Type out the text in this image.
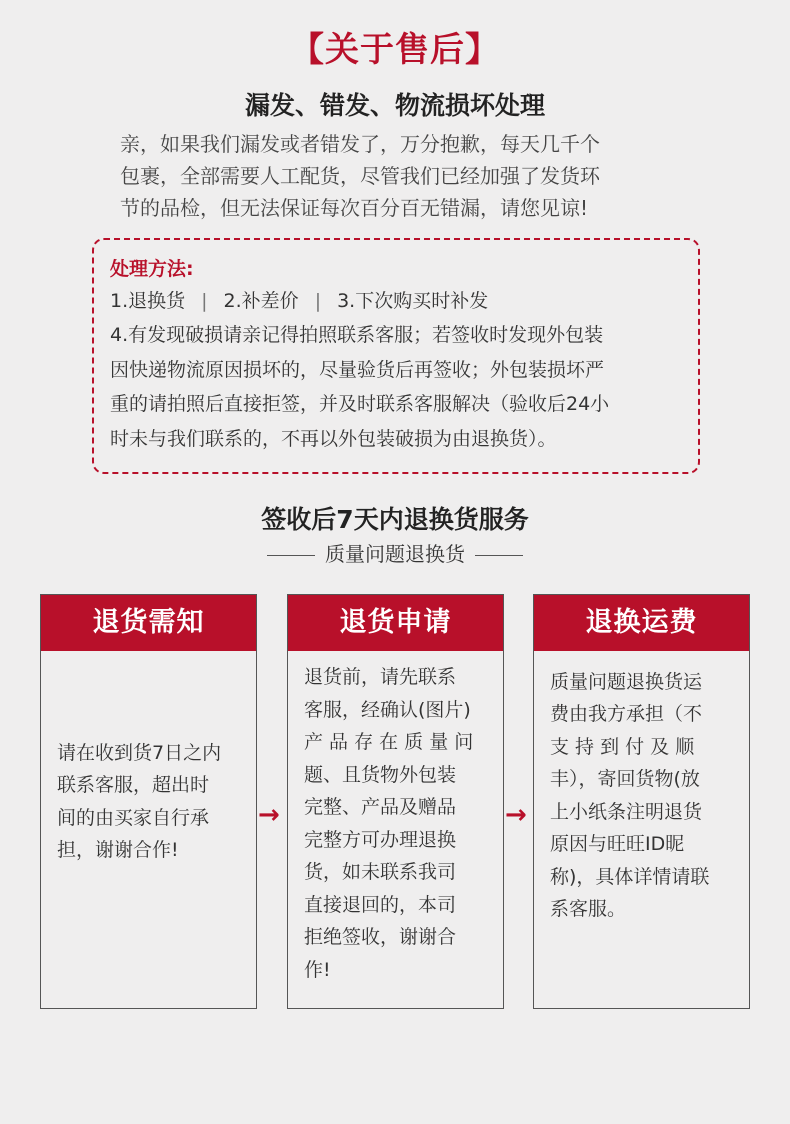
【关于售后】
漏发、错发、物流损坏处理

亲，如果我们漏发或者错发了，万分抱歉，每天几千个

包裹，全部需要人工配货，尽管我们已经加强了发货环

节的品检，但无法保证每次百分百无错漏，请您见谅!

处理方法:
1.退换货 | 2.补差价 | 3.下次购买时补发

4.有发现破损请亲记得拍照联系客服；若签收时发现外包装

因快递物流原因损坏的，尽量验货后再签收；外包装损坏严

重的请拍照后直接拒签，并及时联系客服解决（验收后24小

时未与我们联系的，不再以外包装破损为由退换货）。

签收后7天内退换货服务
质量问题退换货
退货需知

请在收到货7日之内

联系客服，超出时

间的由买家自行承

担，谢谢合作!

→
退货申请

退货前，请先联系

客服，经确认(图片)

产 品 存 在 质 量 问

题、且货物外包装

完整、产品及赠品

完整方可办理退换

货，如未联系我司

直接退回的，本司

拒绝签收，谢谢合

作!

→
退换运费

质量问题退换货运

费由我方承担（不

支 持 到 付 及 顺

丰），寄回货物(放

上小纸条注明退货

原因与旺旺ID昵

称)，具体详情请联

系客服。
